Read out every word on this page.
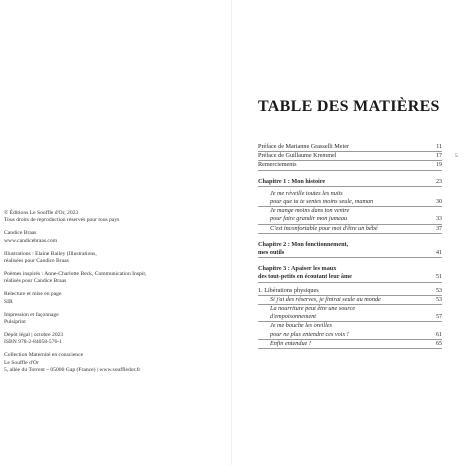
© Éditions Le Souffle d'Or, 2023
Tous droits de reproduction réservés pour tous pays
Candice Braas
www.candicebraas.com
Illustrations : Elaine Bailey (Illustrations,
réalisées pour Candice Braas
Poèmes inspirés : Anne-Charlotte Beck, Communication Inspir,
réalisés pour Candice Braas
Relecture et mise en page
SIR
Impression et façonnage
Pulsiprint
Dépôt légal | octobre 2023
ISBN 978-2-84058-576-1
Collection Maternité en conscience
Le Souffle d'Or
5, allée du Torrent – 05000 Gap (France) | www.souffledor.fr
TABLE DES MATIÈRES
5
Préface de Marianne Grasselli Meier	11
Préface de Guillaume Kremmel	17
Remerciements	19
Chapitre 1 : Mon histoire	23
Je me réveille toutes les nuits
pour que tu te sentes moins seule, maman	30
Je mange moins dans ton ventre
pour faire grandir mon jumeau	33
C'est inconfortable pour moi d'être un bébé	37
Chapitre 2 : Mon fonctionnement,
mes outils	41
Chapitre 3 : Apaiser les maux
des tout-petits en écoutant leur âme	51
1. Libérations physiques	53
Si j'ai des réserves, je finirai seule au monde	53
La nourriture peut être une source
d'empoisonnement	57
Je me bouche les oreilles
pour ne plus entendre ces voix !	61
Enfin entendue !	65
